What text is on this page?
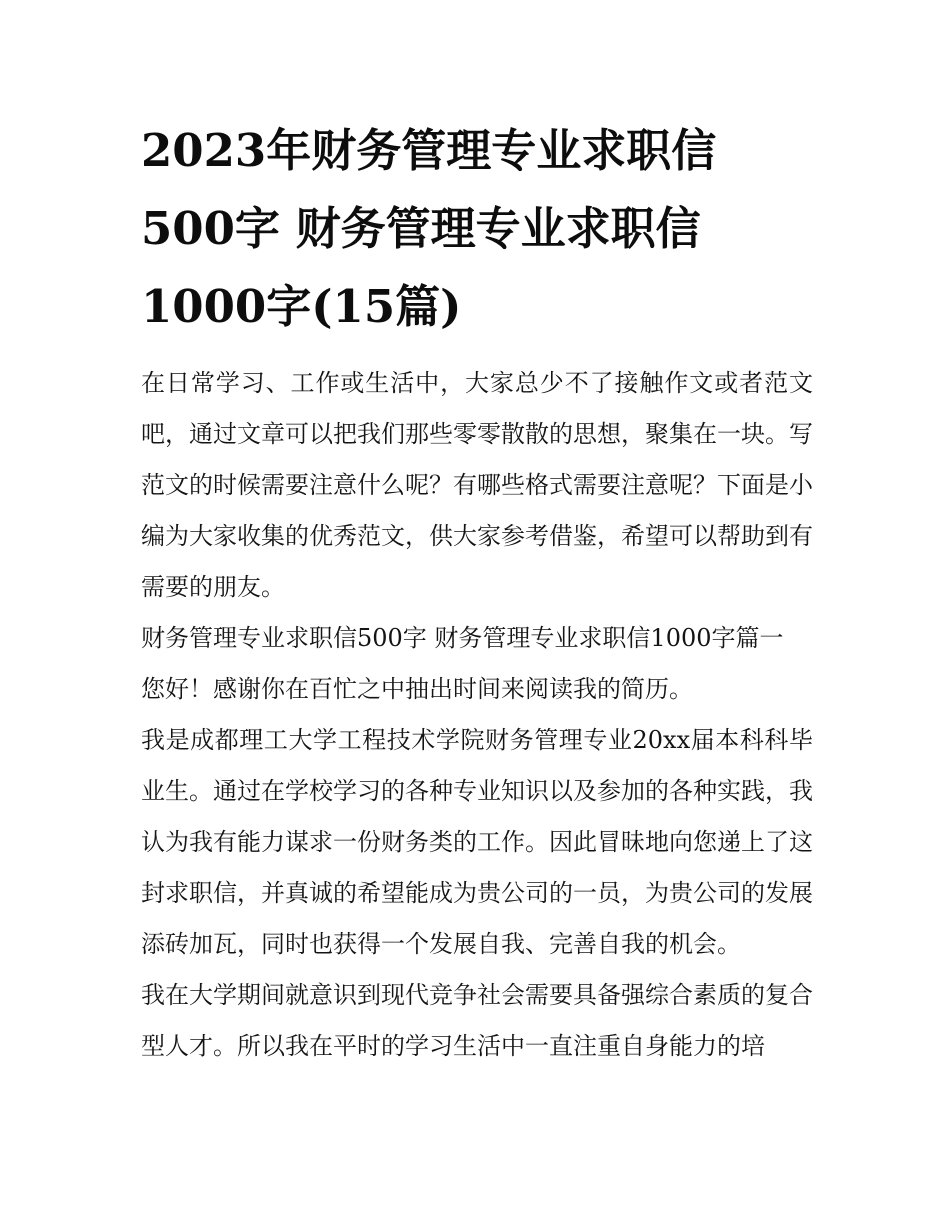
2023年财务管理专业求职信
500字 财务管理专业求职信
1000字(15篇)

在日常学习、工作或生活中，大家总少不了接触作文或者范文吧，通过文章可以把我们那些零零散散的思想，聚集在一块。写范文的时候需要注意什么呢？有哪些格式需要注意呢？下面是小编为大家收集的优秀范文，供大家参考借鉴，希望可以帮助到有需要的朋友。

财务管理专业求职信500字 财务管理专业求职信1000字篇一

您好！感谢你在百忙之中抽出时间来阅读我的简历。

我是成都理工大学工程技术学院财务管理专业20xx届本科科毕业生。通过在学校学习的各种专业知识以及参加的各种实践，我认为我有能力谋求一份财务类的工作。因此冒昧地向您递上了这封求职信，并真诚的希望能成为贵公司的一员，为贵公司的发展添砖加瓦，同时也获得一个发展自我、完善自我的机会。

我在大学期间就意识到现代竞争社会需要具备强综合素质的复合型人才。所以我在平时的学习生活中一直注重自身能力的培
